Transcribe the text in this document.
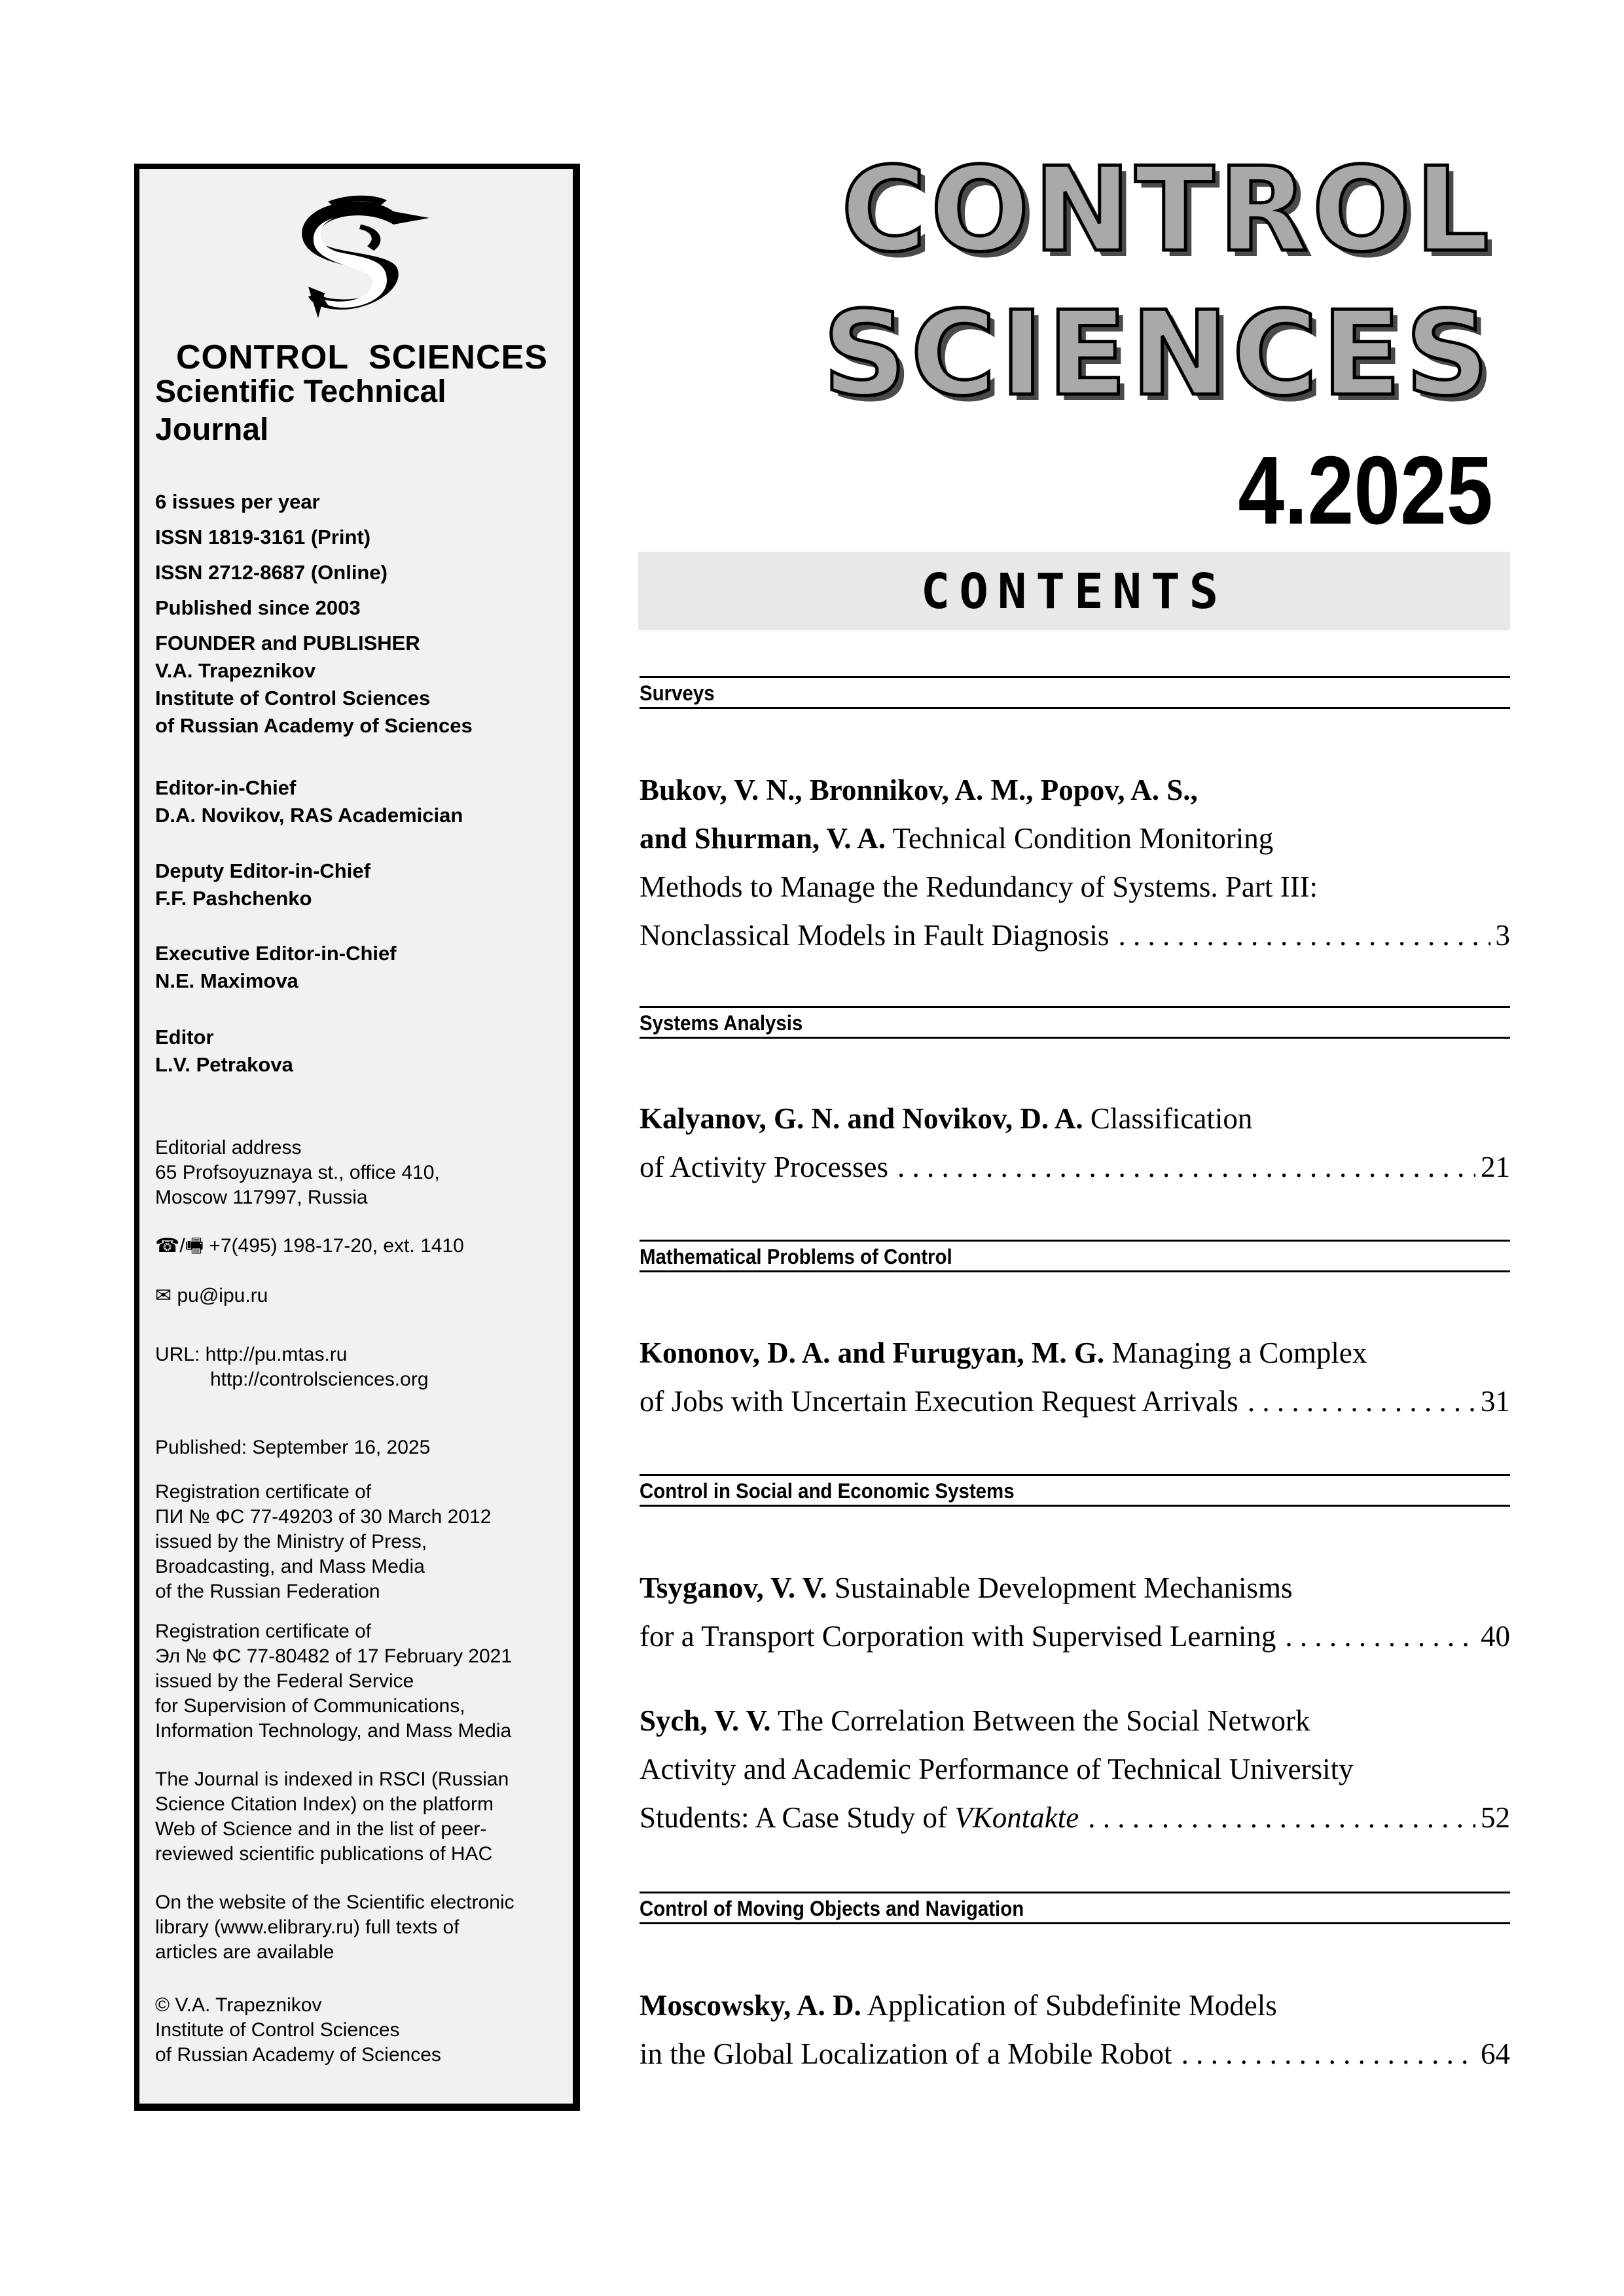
CONTROL  SCIENCES
Scientific Technical
Journal
6 issues per year
ISSN 1819-3161 (Print)
ISSN 2712-8687 (Online)
Published since 2003
FOUNDER and PUBLISHER
V.A. Trapeznikov
Institute of Control Sciences
of Russian Academy of Sciences
Editor-in-Chief
D.A. Novikov, RAS Academician
Deputy Editor-in-Chief
F.F. Pashchenko
Executive Editor-in-Chief
N.E. Maximova
Editor
L.V. Petrakova
Editorial address
65 Profsoyuznaya st., office 410,
Moscow 117997, Russia
☎/🖷 +7(495) 198-17-20, ext. 1410
✉ pu@ipu.ru
URL: http://pu.mtas.ru
http://controlsciences.org
Published: September 16, 2025
Registration certificate of
ПИ № ФС 77-49203 of 30 March 2012
issued by the Ministry of Press,
Broadcasting, and Mass Media
of the Russian Federation
Registration certificate of
Эл № ФС 77-80482 of 17 February 2021
issued by the Federal Service
for Supervision of Communications,
Information Technology, and Mass Media
The Journal is indexed in RSCI (Russian
Science Citation Index) on the platform
Web of Science and in the list of peer-
reviewed scientific publications of HAC
On the website of the Scientific electronic
library (www.elibrary.ru) full texts of
articles are available
© V.A. Trapeznikov
Institute of Control Sciences
of Russian Academy of Sciences
CONTROL
SCIENCES
4.2025
CONTENTS
Surveys
Bukov, V. N., Bronnikov, A. M., Popov, A. S.,
and Shurman, V. A. Technical Condition Monitoring
Methods to Manage the Redundancy of Systems. Part III:
Nonclassical Models in Fault Diagnosis . . .	3
Systems Analysis
Kalyanov, G. N. and Novikov, D. A. Classification
of Activity Processes . . .	21
Mathematical Problems of Control
Kononov, D. A. and Furugyan, M. G. Managing a Complex
of Jobs with Uncertain Execution Request Arrivals . . .	31
Control in Social and Economic Systems
Tsyganov, V. V. Sustainable Development Mechanisms
for a Transport Corporation with Supervised Learning . . .	40
Sych, V. V. The Correlation Between the Social Network
Activity and Academic Performance of Technical University
Students: A Case Study of VKontakte . . .	52
Control of Moving Objects and Navigation
Moscowsky, A. D. Application of Subdefinite Models
in the Global Localization of a Mobile Robot . . .	64
